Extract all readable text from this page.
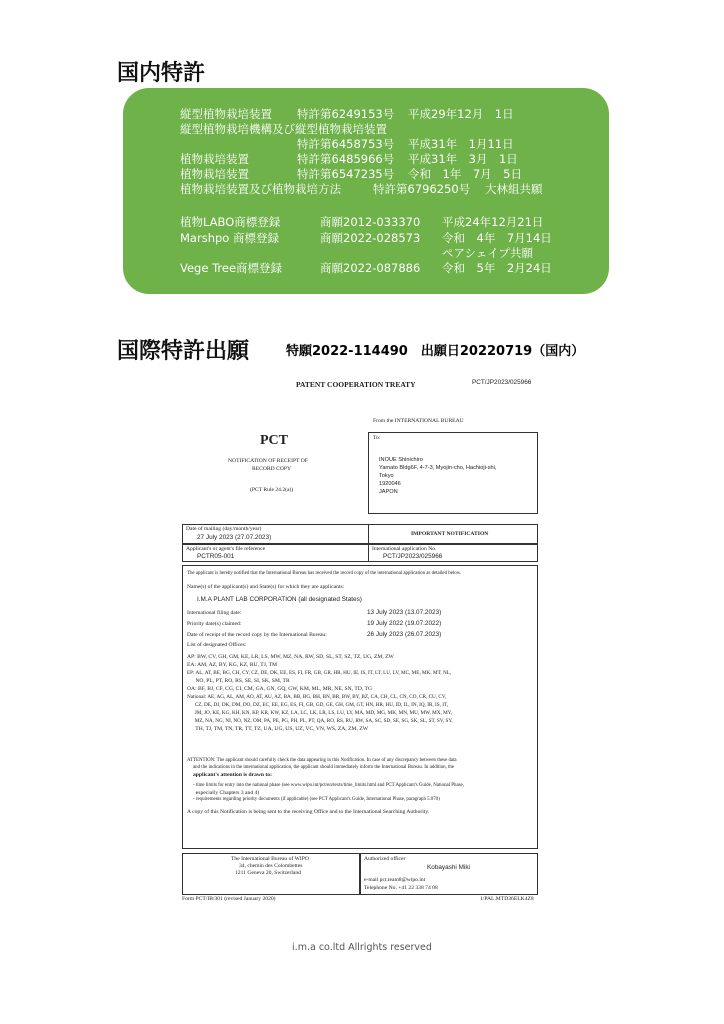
国内特許
縦型植物栽培装置 特許第6249153号 平成29年12月　1日
縦型植物栽培機構及び縦型植物栽培装置
特許第6458753号 平成31年　1月11日
植物栽培装置	特許第6485966号 平成31年　3月　1日
植物栽培装置	特許第6547235号 令和　1年　7月　5日
植物栽培装置及び植物栽培方法	特許第6796250号 大林組共願
植物LABO商標登録	商願2012-033370 平成24年12月21日
Marshpo 商標登録	商願2022-028573 令和　4年　7月14日
ペアシェイプ共願
Vege Tree商標登録	商願2022-087886 令和　5年　2月24日
国際特許出願	特願2022-114490　出願日20220719（国内）
PATENT COOPERATION TREATY	PCT/JP2023/025966
From the INTERNATIONAL BUREAU
PCT
NOTIFICATION OF RECEIPT OF
RECORD COPY
(PCT Rule 24.2(a))
To:
INOUE Shinichiro
Yamato Bldg6F, 4-7-3, Myojin-cho, Hachioji-shi,
Tokyo
1920046
JAPON
Date of mailing (day/month/year)
27 July 2023 (27.07.2023)	IMPORTANT NOTIFICATION
Applicant's or agent's file reference
PCTR05-001
International application No.
PCT/JP2023/025966
The applicant is hereby notified that the International Bureau has received the record copy of the international application as detailed below.
Name(s) of the applicant(s) and State(s) for which they are applicants:
I.M.A PLANT LAB CORPORATION (all designated States)
International filing date:	13 July 2023 (13.07.2023)
Priority date(s) claimed:	19 July 2022 (19.07.2022)
Date of receipt of the record copy by the International Bureau:	26 July 2023 (26.07.2023)
List of designated Offices:
AP: BW, CV, GH, GM, KE, LR, LS, MW, MZ, NA, RW, SD, SL, ST, SZ, TZ, UG, ZM, ZW
EA: AM, AZ, BY, KG, KZ, RU, TJ, TM
EP: AL, AT, BE, BG, CH, CY, CZ, DE, DK, EE, ES, FI, FR, GB, GR, HR, HU, IE, IS, IT, LT, LU, LV, MC, ME, MK, MT, NL,
NO, PL, PT, RO, RS, SE, SI, SK, SM, TR
OA: BF, BJ, CF, CG, CI, CM, GA, GN, GQ, GW, KM, ML, MR, NE, SN, TD, TG
National: AE, AG, AL, AM, AO, AT, AU, AZ, BA, BB, BG, BH, BN, BR, BW, BY, BZ, CA, CH, CL, CN, CO, CR, CU, CV,
CZ, DE, DJ, DK, DM, DO, DZ, EC, EE, EG, ES, FI, GB, GD, GE, GH, GM, GT, HN, HR, HU, ID, IL, IN, IQ, IR, IS, IT,
JM, JO, KE, KG, KH, KN, KP, KR, KW, KZ, LA, LC, LK, LR, LS, LU, LY, MA, MD, MG, MK, MN, MU, MW, MX, MY,
MZ, NA, NG, NI, NO, NZ, OM, PA, PE, PG, PH, PL, PT, QA, RO, RS, RU, RW, SA, SC, SD, SE, SG, SK, SL, ST, SV, SY,
TH, TJ, TM, TN, TR, TT, TZ, UA, UG, US, UZ, VC, VN, WS, ZA, ZM, ZW
ATTENTION: The applicant should carefully check the data appearing in this Notification. In case of any discrepancy between these data
and the indications in the international application, the applicant should immediately inform the International Bureau. In addition, the
applicant's attention is drawn to:
- time limits for entry into the national phase (see www.wipo.int/pct/en/texts/time_limits.html and PCT Applicant's Guide, National Phase,
especially Chapters 3 and 4)
- requirements regarding priority documents (if applicable) (see PCT Applicant's Guide, International Phase, paragraph 5.070)
A copy of this Notification is being sent to the receiving Office and to the International Searching Authority.
The International Bureau of WIPO
34, chemin des Colombettes
1211 Geneva 20, Switzerland
Authorized officer
Kobayashi Miki
e-mail pct.team8@wipo.int
Telephone No. +41 22 338 74 08
Form PCT/IB/301 (revised January 2020)	1/PAL.MTD36ELK4Z8
i.m.a co.ltd Allrights reserved
